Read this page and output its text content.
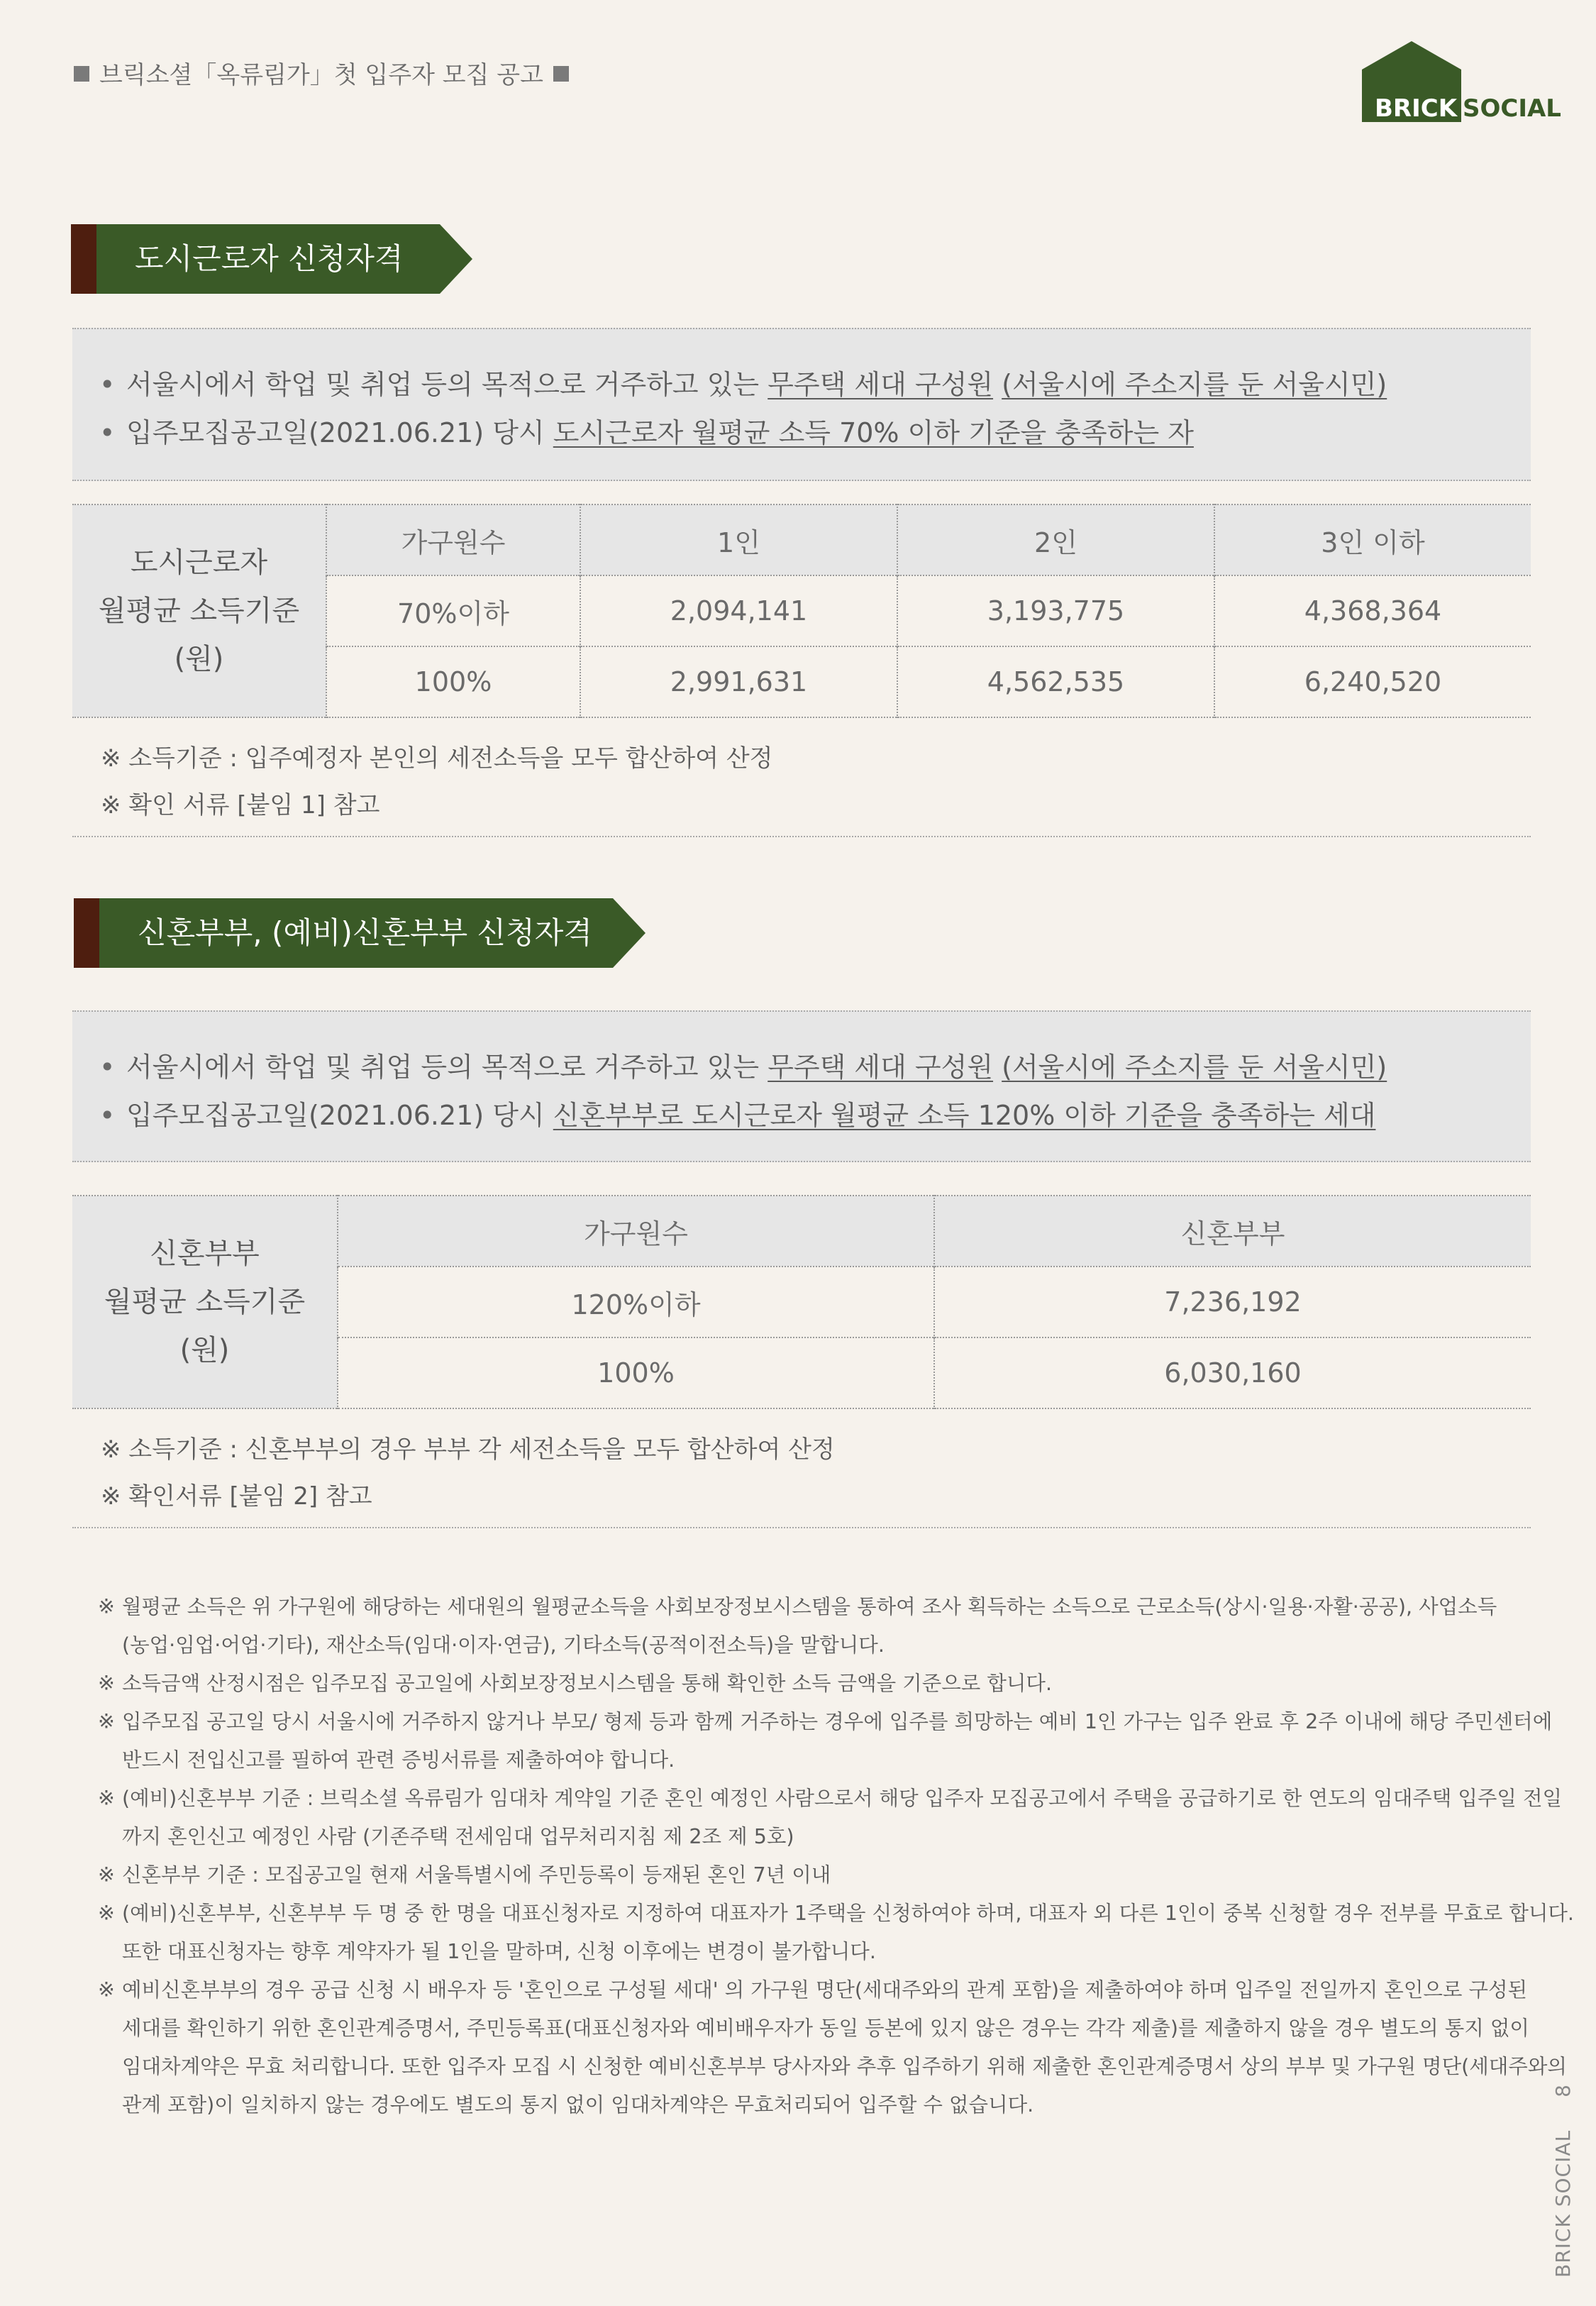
브릭소셜「옥류림가」첫 입주자 모집 공고
BRICK SOCIAL
도시근로자 신청자격
• 서울시에서 학업 및 취업 등의 목적으로 거주하고 있는 무주택 세대 구성원 (서울시에 주소지를 둔 서울시민)
• 입주모집공고일(2021.06.21) 당시 도시근로자 월평균 소득 70% 이하 기준을 충족하는 자
도시근로자
월평균 소득기준
(원)	가구원수	1인	2인	3인 이하
	70%이하	2,094,141	3,193,775	4,368,364
	100%	2,991,631	4,562,535	6,240,520
※ 소득기준 : 입주예정자 본인의 세전소득을 모두 합산하여 산정
※ 확인 서류 [붙임 1] 참고
신혼부부, (예비)신혼부부 신청자격
• 서울시에서 학업 및 취업 등의 목적으로 거주하고 있는 무주택 세대 구성원 (서울시에 주소지를 둔 서울시민)
• 입주모집공고일(2021.06.21) 당시 신혼부부로 도시근로자 월평균 소득 120% 이하 기준을 충족하는 세대
신혼부부
월평균 소득기준
(원)	가구원수	신혼부부
	120%이하	7,236,192
	100%	6,030,160
※ 소득기준 : 신혼부부의 경우 부부 각 세전소득을 모두 합산하여 산정
※ 확인서류 [붙임 2] 참고
※ 월평균 소득은 위 가구원에 해당하는 세대원의 월평균소득을 사회보장정보시스템을 통하여 조사 획득하는 소득으로 근로소득(상시·일용·자활·공공), 사업소득
(농업·임업·어업·기타), 재산소득(임대·이자·연금), 기타소득(공적이전소득)을 말합니다.
※ 소득금액 산정시점은 입주모집 공고일에 사회보장정보시스템을 통해 확인한 소득 금액을 기준으로 합니다.
※ 입주모집 공고일 당시 서울시에 거주하지 않거나 부모/ 형제 등과 함께 거주하는 경우에 입주를 희망하는 예비 1인 가구는 입주 완료 후 2주 이내에 해당 주민센터에
반드시 전입신고를 필하여 관련 증빙서류를 제출하여야 합니다.
※ (예비)신혼부부 기준 : 브릭소셜 옥류림가 임대차 계약일 기준 혼인 예정인 사람으로서 해당 입주자 모집공고에서 주택을 공급하기로 한 연도의 임대주택 입주일 전일
까지 혼인신고 예정인 사람 (기존주택 전세임대 업무처리지침 제 2조 제 5호)
※ 신혼부부 기준 : 모집공고일 현재 서울특별시에 주민등록이 등재된 혼인 7년 이내
※ (예비)신혼부부, 신혼부부 두 명 중 한 명을 대표신청자로 지정하여 대표자가 1주택을 신청하여야 하며, 대표자 외 다른 1인이 중복 신청할 경우 전부를 무효로 합니다.
또한 대표신청자는 향후 계약자가 될 1인을 말하며, 신청 이후에는 변경이 불가합니다.
※ 예비신혼부부의 경우 공급 신청 시 배우자 등 '혼인으로 구성될 세대' 의 가구원 명단(세대주와의 관계 포함)을 제출하여야 하며 입주일 전일까지 혼인으로 구성된
세대를 확인하기 위한 혼인관계증명서, 주민등록표(대표신청자와 예비배우자가 동일 등본에 있지 않은 경우는 각각 제출)를 제출하지 않을 경우 별도의 통지 없이
임대차계약은 무효 처리합니다. 또한 입주자 모집 시 신청한 예비신혼부부 당사자와 추후 입주하기 위해 제출한 혼인관계증명서 상의 부부 및 가구원 명단(세대주와의
관계 포함)이 일치하지 않는 경우에도 별도의 통지 없이 임대차계약은 무효처리되어 입주할 수 없습니다.
BRICK SOCIAL
8
